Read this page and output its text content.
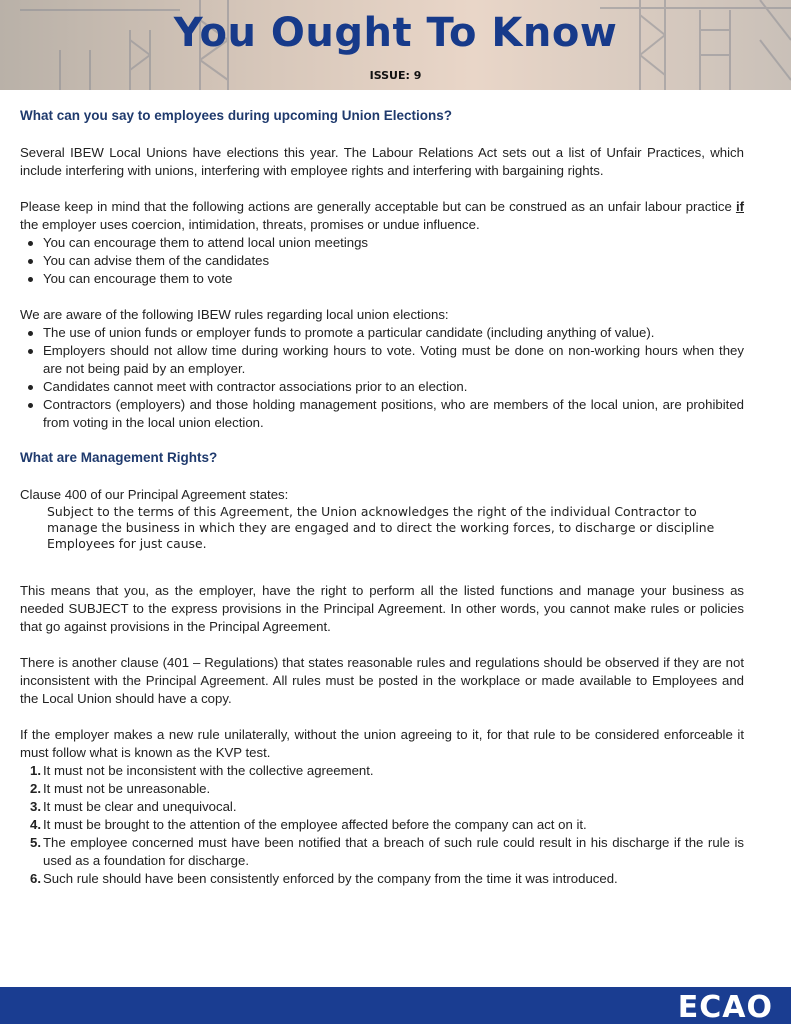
You Ought To Know
ISSUE: 9
What can you say to employees during upcoming Union Elections?

Several IBEW Local Unions have elections this year. The Labour Relations Act sets out a list of Unfair Practices, which include interfering with unions, interfering with employee rights and interfering with bargaining rights.

Please keep in mind that the following actions are generally acceptable but can be construed as an unfair labour practice if the employer uses coercion, intimidation, threats, promises or undue influence.

You can encourage them to attend local union meetings
You can advise them of the candidates
You can encourage them to vote

We are aware of the following IBEW rules regarding local union elections:

The use of union funds or employer funds to promote a particular candidate (including anything of value).
Employers should not allow time during working hours to vote. Voting must be done on non-working hours when they are not being paid by an employer.
Candidates cannot meet with contractor associations prior to an election.
Contractors (employers) and those holding management positions, who are members of the local union, are prohibited from voting in the local union election.
What are Management Rights?

Clause 400 of our Principal Agreement states:

Subject to the terms of this Agreement, the Union acknowledges the right of the individual Contractor to manage the business in which they are engaged and to direct the working forces, to discharge or discipline Employees for just cause.

This means that you, as the employer, have the right to perform all the listed functions and manage your business as needed SUBJECT to the express provisions in the Principal Agreement. In other words, you cannot make rules or policies that go against provisions in the Principal Agreement.

There is another clause (401 – Regulations) that states reasonable rules and regulations should be observed if they are not inconsistent with the Principal Agreement. All rules must be posted in the workplace or made available to Employees and the Local Union should have a copy.

If the employer makes a new rule unilaterally, without the union agreeing to it, for that rule to be considered enforceable it must follow what is known as the KVP test.

1. It must not be inconsistent with the collective agreement.
2. It must not be unreasonable.
3. It must be clear and unequivocal.
4. It must be brought to the attention of the employee affected before the company can act on it.
5. The employee concerned must have been notified that a breach of such rule could result in his discharge if the rule is used as a foundation for discharge.
6. Such rule should have been consistently enforced by the company from the time it was introduced.
ECAO
